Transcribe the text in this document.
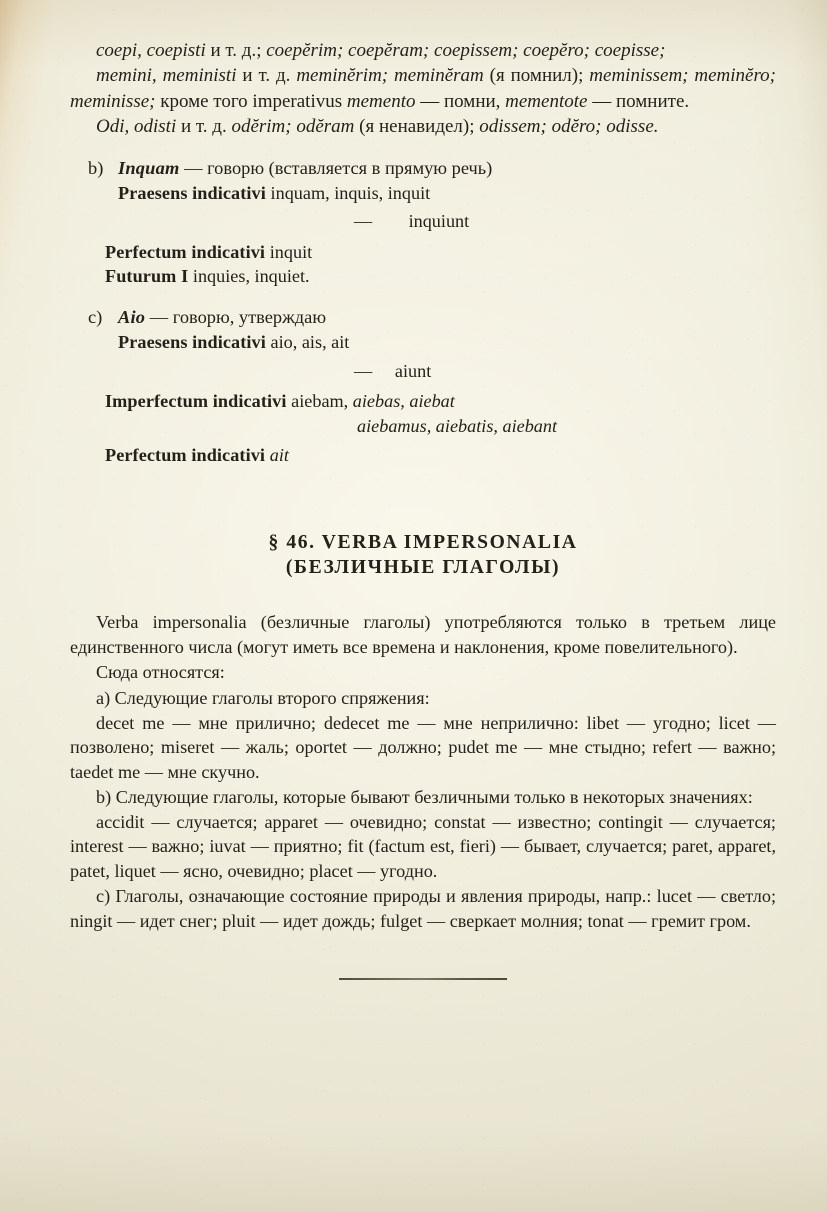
coepi, coepisti и т. д.; coepĕrim; coepĕram; coepissem; coepĕro; coepisse;

memini, meministi и т. д. meminĕrim; meminĕram (я помнил); meminissem; meminĕro; meminisse; кроме того imperativus memento — помни, mementote — помните.

Odi, odisti и т. д. odĕrim; odĕram (я ненавидел); odissem; odĕro; odisse.

b) Inquam — говорю (вставляется в прямую речь)
Praesens indicativi inquam, inquis, inquit
—        inquiunt
Perfectum indicativi inquit
Futurum I inquies, inquiet.
c) Aio — говорю, утверждаю
Praesens indicativi aio, ais, ait
—     aiunt
Imperfectum indicativi aiebam, aiebas, aiebat
aiebamus, aiebatis, aiebant
Perfectum indicativi ait
§ 46. VERBA IMPERSONALIA
(БЕЗЛИЧНЫЕ ГЛАГОЛЫ)

Verba impersonalia (безличные глаголы) употребляются только в третьем лице единственного числа (могут иметь все времена и наклонения, кроме повелительного).

Сюда относятся:

a) Следующие глаголы второго спряжения:

decet me — мне прилично; dedecet me — мне неприлично: libet — угодно; licet — позволено; miseret — жаль; oportet — должно; pudet me — мне стыдно; refert — важно; taedet me — мне скучно.

b) Следующие глаголы, которые бывают безличными только в некоторых значениях:

accidit — случается; apparet — очевидно; constat — известно; contingit — случается; interest — важно; iuvat — приятно; fit (factum est, fieri) — бывает, случается; paret, apparet, patet, liquet — ясно, очевидно; placet — угодно.

c) Глаголы, означающие состояние природы и явления природы, напр.: lucet — светло; ningit — идет снег; pluit — идет дождь; fulget — сверкает молния; tonat — гремит гром.
